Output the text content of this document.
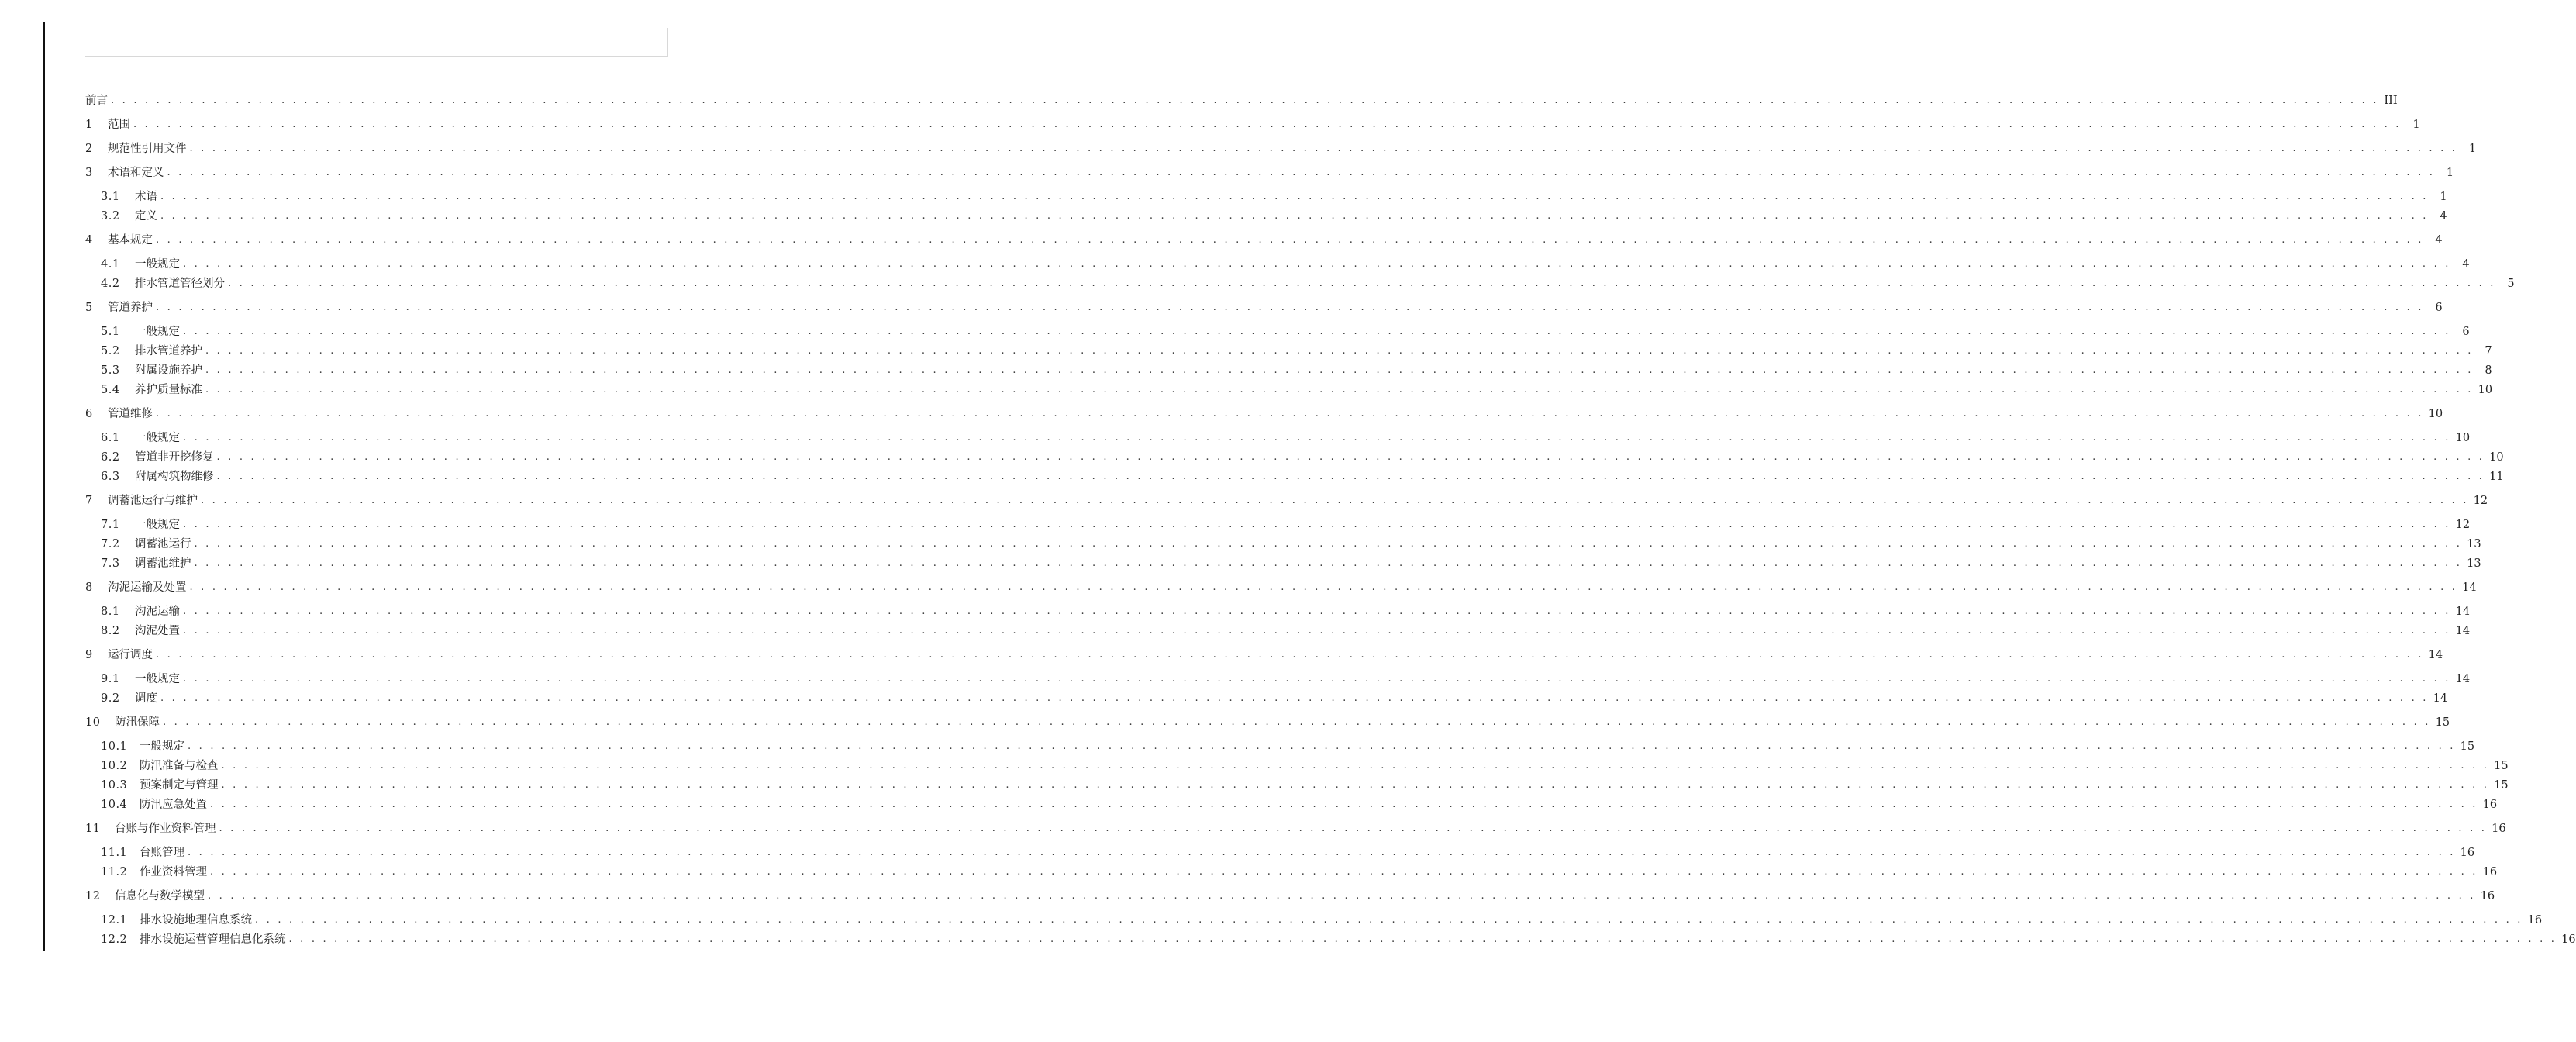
前言 . . . . . . . . . . . . . . . . . . . . . . . . . . . . . . . . . . . . . . . . . . . . . . . . . . . . . . . . . . . . . . . . . . . . . . . . . . . . . . . . . . . . . . . . . . . . . . . . . . . . . . . . . . . . . . . . . . . . . . . . . . . . . . . . . . . . . . . . . . . . . . . . . . . . . . . . . . . . . . . . . . . . . . . . . . . . . . . . . . . . . . . . . . . . . . . . . . . . . . . . III
1	范围 . . . . . . . . . . . . . . . . . . . . . . . . . . . . . . . . . . . . . . . . . . . . . . . . . . . . . . . . . . . . . . . . . . . . . . . . . . . . . . . . . . . . . . . . . . . . . . . . . . . . . . . . . . . . . . . . . . . . . . . . . . . . . . . . . . . . . . . . . . . . . . . . . . . . . . . . . . . . . . . . . . . . . . . . . . . . . . . . . . . . . . . . . . . . . . . . . . . . . . . .	1
2	规范性引用文件 . . . . . . . . . . . . . . . . . . . . . . . . . . . . . . . . . . . . . . . . . . . . . . . . . . . . . . . . . . . . . . . . . . . . . . . . . . . . . . . . . . . . . . . . . . . . . . . . . . . . . . . . . . . . . . . . . . . . . . . . . . . . . . . . . . . . . . . . . . . . . . . . . . . . . . . . . . . . . . . . . . . . . . . . . . . . . . . . . . . . . . . . . . . . . . . . . . . . . . . .	1
3	术语和定义 . . . . . . . . . . . . . . . . . . . . . . . . . . . . . . . . . . . . . . . . . . . . . . . . . . . . . . . . . . . . . . . . . . . . . . . . . . . . . . . . . . . . . . . . . . . . . . . . . . . . . . . . . . . . . . . . . . . . . . . . . . . . . . . . . . . . . . . . . . . . . . . . . . . . . . . . . . . . . . . . . . . . . . . . . . . . . . . . . . . . . . . . . . . . . . . . . . . . . . . .	1
3.1	术语 . . . . . . . . . . . . . . . . . . . . . . . . . . . . . . . . . . . . . . . . . . . . . . . . . . . . . . . . . . . . . . . . . . . . . . . . . . . . . . . . . . . . . . . . . . . . . . . . . . . . . . . . . . . . . . . . . . . . . . . . . . . . . . . . . . . . . . . . . . . . . . . . . . . . . . . . . . . . . . . . . . . . . . . . . . . . . . . . . . . . . . . . . . . . . . . . . . . . . . . .	1
3.2	定义 . . . . . . . . . . . . . . . . . . . . . . . . . . . . . . . . . . . . . . . . . . . . . . . . . . . . . . . . . . . . . . . . . . . . . . . . . . . . . . . . . . . . . . . . . . . . . . . . . . . . . . . . . . . . . . . . . . . . . . . . . . . . . . . . . . . . . . . . . . . . . . . . . . . . . . . . . . . . . . . . . . . . . . . . . . . . . . . . . . . . . . . . . . . . . . . . . . . . . . . .	4
4	基本规定 . . . . . . . . . . . . . . . . . . . . . . . . . . . . . . . . . . . . . . . . . . . . . . . . . . . . . . . . . . . . . . . . . . . . . . . . . . . . . . . . . . . . . . . . . . . . . . . . . . . . . . . . . . . . . . . . . . . . . . . . . . . . . . . . . . . . . . . . . . . . . . . . . . . . . . . . . . . . . . . . . . . . . . . . . . . . . . . . . . . . . . . . . . . . . . . . . . . . . . . .	4
4.1	一般规定 . . . . . . . . . . . . . . . . . . . . . . . . . . . . . . . . . . . . . . . . . . . . . . . . . . . . . . . . . . . . . . . . . . . . . . . . . . . . . . . . . . . . . . . . . . . . . . . . . . . . . . . . . . . . . . . . . . . . . . . . . . . . . . . . . . . . . . . . . . . . . . . . . . . . . . . . . . . . . . . . . . . . . . . . . . . . . . . . . . . . . . . . . . . . . . . . . . . . . . . .	4
4.2	排水管道管径划分 . . . . . . . . . . . . . . . . . . . . . . . . . . . . . . . . . . . . . . . . . . . . . . . . . . . . . . . . . . . . . . . . . . . . . . . . . . . . . . . . . . . . . . . . . . . . . . . . . . . . . . . . . . . . . . . . . . . . . . . . . . . . . . . . . . . . . . . . . . . . . . . . . . . . . . . . . . . . . . . . . . . . . . . . . . . . . . . . . . . . . . . . . . . . . . . . . . . . . . . .	5
5	管道养护 . . . . . . . . . . . . . . . . . . . . . . . . . . . . . . . . . . . . . . . . . . . . . . . . . . . . . . . . . . . . . . . . . . . . . . . . . . . . . . . . . . . . . . . . . . . . . . . . . . . . . . . . . . . . . . . . . . . . . . . . . . . . . . . . . . . . . . . . . . . . . . . . . . . . . . . . . . . . . . . . . . . . . . . . . . . . . . . . . . . . . . . . . . . . . . . . . . . . . . . .	6
5.1	一般规定 . . . . . . . . . . . . . . . . . . . . . . . . . . . . . . . . . . . . . . . . . . . . . . . . . . . . . . . . . . . . . . . . . . . . . . . . . . . . . . . . . . . . . . . . . . . . . . . . . . . . . . . . . . . . . . . . . . . . . . . . . . . . . . . . . . . . . . . . . . . . . . . . . . . . . . . . . . . . . . . . . . . . . . . . . . . . . . . . . . . . . . . . . . . . . . . . . . . . . . . .	6
5.2	排水管道养护 . . . . . . . . . . . . . . . . . . . . . . . . . . . . . . . . . . . . . . . . . . . . . . . . . . . . . . . . . . . . . . . . . . . . . . . . . . . . . . . . . . . . . . . . . . . . . . . . . . . . . . . . . . . . . . . . . . . . . . . . . . . . . . . . . . . . . . . . . . . . . . . . . . . . . . . . . . . . . . . . . . . . . . . . . . . . . . . . . . . . . . . . . . . . . . . . . . . . . . . .	7
5.3	附属设施养护 . . . . . . . . . . . . . . . . . . . . . . . . . . . . . . . . . . . . . . . . . . . . . . . . . . . . . . . . . . . . . . . . . . . . . . . . . . . . . . . . . . . . . . . . . . . . . . . . . . . . . . . . . . . . . . . . . . . . . . . . . . . . . . . . . . . . . . . . . . . . . . . . . . . . . . . . . . . . . . . . . . . . . . . . . . . . . . . . . . . . . . . . . . . . . . . . . . . . . . . .	8
5.4	养护质量标准 . . . . . . . . . . . . . . . . . . . . . . . . . . . . . . . . . . . . . . . . . . . . . . . . . . . . . . . . . . . . . . . . . . . . . . . . . . . . . . . . . . . . . . . . . . . . . . . . . . . . . . . . . . . . . . . . . . . . . . . . . . . . . . . . . . . . . . . . . . . . . . . . . . . . . . . . . . . . . . . . . . . . . . . . . . . . . . . . . . . . . . . . . . . . . . . . . . . . . . . . 10
6	管道维修 . . . . . . . . . . . . . . . . . . . . . . . . . . . . . . . . . . . . . . . . . . . . . . . . . . . . . . . . . . . . . . . . . . . . . . . . . . . . . . . . . . . . . . . . . . . . . . . . . . . . . . . . . . . . . . . . . . . . . . . . . . . . . . . . . . . . . . . . . . . . . . . . . . . . . . . . . . . . . . . . . . . . . . . . . . . . . . . . . . . . . . . . . . . . . . . . . . . . . . . . 10
6.1	一般规定 . . . . . . . . . . . . . . . . . . . . . . . . . . . . . . . . . . . . . . . . . . . . . . . . . . . . . . . . . . . . . . . . . . . . . . . . . . . . . . . . . . . . . . . . . . . . . . . . . . . . . . . . . . . . . . . . . . . . . . . . . . . . . . . . . . . . . . . . . . . . . . . . . . . . . . . . . . . . . . . . . . . . . . . . . . . . . . . . . . . . . . . . . . . . . . . . . . . . . . . . 10
6.2	管道非开挖修复 . . . . . . . . . . . . . . . . . . . . . . . . . . . . . . . . . . . . . . . . . . . . . . . . . . . . . . . . . . . . . . . . . . . . . . . . . . . . . . . . . . . . . . . . . . . . . . . . . . . . . . . . . . . . . . . . . . . . . . . . . . . . . . . . . . . . . . . . . . . . . . . . . . . . . . . . . . . . . . . . . . . . . . . . . . . . . . . . . . . . . . . . . . . . . . . . . . . . . . . . 10
6.3	附属构筑物维修 . . . . . . . . . . . . . . . . . . . . . . . . . . . . . . . . . . . . . . . . . . . . . . . . . . . . . . . . . . . . . . . . . . . . . . . . . . . . . . . . . . . . . . . . . . . . . . . . . . . . . . . . . . . . . . . . . . . . . . . . . . . . . . . . . . . . . . . . . . . . . . . . . . . . . . . . . . . . . . . . . . . . . . . . . . . . . . . . . . . . . . . . . . . . . . . . . . . . . . . . 11
7	调蓄池运行与维护 . . . . . . . . . . . . . . . . . . . . . . . . . . . . . . . . . . . . . . . . . . . . . . . . . . . . . . . . . . . . . . . . . . . . . . . . . . . . . . . . . . . . . . . . . . . . . . . . . . . . . . . . . . . . . . . . . . . . . . . . . . . . . . . . . . . . . . . . . . . . . . . . . . . . . . . . . . . . . . . . . . . . . . . . . . . . . . . . . . . . . . . . . . . . . . . . . . . . . . . . 12
7.1	一般规定 . . . . . . . . . . . . . . . . . . . . . . . . . . . . . . . . . . . . . . . . . . . . . . . . . . . . . . . . . . . . . . . . . . . . . . . . . . . . . . . . . . . . . . . . . . . . . . . . . . . . . . . . . . . . . . . . . . . . . . . . . . . . . . . . . . . . . . . . . . . . . . . . . . . . . . . . . . . . . . . . . . . . . . . . . . . . . . . . . . . . . . . . . . . . . . . . . . . . . . . . 12
7.2	调蓄池运行 . . . . . . . . . . . . . . . . . . . . . . . . . . . . . . . . . . . . . . . . . . . . . . . . . . . . . . . . . . . . . . . . . . . . . . . . . . . . . . . . . . . . . . . . . . . . . . . . . . . . . . . . . . . . . . . . . . . . . . . . . . . . . . . . . . . . . . . . . . . . . . . . . . . . . . . . . . . . . . . . . . . . . . . . . . . . . . . . . . . . . . . . . . . . . . . . . . . . . . . . 13
7.3	调蓄池维护 . . . . . . . . . . . . . . . . . . . . . . . . . . . . . . . . . . . . . . . . . . . . . . . . . . . . . . . . . . . . . . . . . . . . . . . . . . . . . . . . . . . . . . . . . . . . . . . . . . . . . . . . . . . . . . . . . . . . . . . . . . . . . . . . . . . . . . . . . . . . . . . . . . . . . . . . . . . . . . . . . . . . . . . . . . . . . . . . . . . . . . . . . . . . . . . . . . . . . . . . 13
8	沟泥运输及处置 . . . . . . . . . . . . . . . . . . . . . . . . . . . . . . . . . . . . . . . . . . . . . . . . . . . . . . . . . . . . . . . . . . . . . . . . . . . . . . . . . . . . . . . . . . . . . . . . . . . . . . . . . . . . . . . . . . . . . . . . . . . . . . . . . . . . . . . . . . . . . . . . . . . . . . . . . . . . . . . . . . . . . . . . . . . . . . . . . . . . . . . . . . . . . . . . . . . . . . . . 14
8.1	沟泥运输 . . . . . . . . . . . . . . . . . . . . . . . . . . . . . . . . . . . . . . . . . . . . . . . . . . . . . . . . . . . . . . . . . . . . . . . . . . . . . . . . . . . . . . . . . . . . . . . . . . . . . . . . . . . . . . . . . . . . . . . . . . . . . . . . . . . . . . . . . . . . . . . . . . . . . . . . . . . . . . . . . . . . . . . . . . . . . . . . . . . . . . . . . . . . . . . . . . . . . . . . 14
8.2	沟泥处置 . . . . . . . . . . . . . . . . . . . . . . . . . . . . . . . . . . . . . . . . . . . . . . . . . . . . . . . . . . . . . . . . . . . . . . . . . . . . . . . . . . . . . . . . . . . . . . . . . . . . . . . . . . . . . . . . . . . . . . . . . . . . . . . . . . . . . . . . . . . . . . . . . . . . . . . . . . . . . . . . . . . . . . . . . . . . . . . . . . . . . . . . . . . . . . . . . . . . . . . . 14
9	运行调度 . . . . . . . . . . . . . . . . . . . . . . . . . . . . . . . . . . . . . . . . . . . . . . . . . . . . . . . . . . . . . . . . . . . . . . . . . . . . . . . . . . . . . . . . . . . . . . . . . . . . . . . . . . . . . . . . . . . . . . . . . . . . . . . . . . . . . . . . . . . . . . . . . . . . . . . . . . . . . . . . . . . . . . . . . . . . . . . . . . . . . . . . . . . . . . . . . . . . . . . . 14
9.1	一般规定 . . . . . . . . . . . . . . . . . . . . . . . . . . . . . . . . . . . . . . . . . . . . . . . . . . . . . . . . . . . . . . . . . . . . . . . . . . . . . . . . . . . . . . . . . . . . . . . . . . . . . . . . . . . . . . . . . . . . . . . . . . . . . . . . . . . . . . . . . . . . . . . . . . . . . . . . . . . . . . . . . . . . . . . . . . . . . . . . . . . . . . . . . . . . . . . . . . . . . . . . 14
9.2	调度 . . . . . . . . . . . . . . . . . . . . . . . . . . . . . . . . . . . . . . . . . . . . . . . . . . . . . . . . . . . . . . . . . . . . . . . . . . . . . . . . . . . . . . . . . . . . . . . . . . . . . . . . . . . . . . . . . . . . . . . . . . . . . . . . . . . . . . . . . . . . . . . . . . . . . . . . . . . . . . . . . . . . . . . . . . . . . . . . . . . . . . . . . . . . . . . . . . . . . . . . 14
10	防汛保障 . . . . . . . . . . . . . . . . . . . . . . . . . . . . . . . . . . . . . . . . . . . . . . . . . . . . . . . . . . . . . . . . . . . . . . . . . . . . . . . . . . . . . . . . . . . . . . . . . . . . . . . . . . . . . . . . . . . . . . . . . . . . . . . . . . . . . . . . . . . . . . . . . . . . . . . . . . . . . . . . . . . . . . . . . . . . . . . . . . . . . . . . . . . . . . . . . . . . . . . . 15
10.1	一般规定 . . . . . . . . . . . . . . . . . . . . . . . . . . . . . . . . . . . . . . . . . . . . . . . . . . . . . . . . . . . . . . . . . . . . . . . . . . . . . . . . . . . . . . . . . . . . . . . . . . . . . . . . . . . . . . . . . . . . . . . . . . . . . . . . . . . . . . . . . . . . . . . . . . . . . . . . . . . . . . . . . . . . . . . . . . . . . . . . . . . . . . . . . . . . . . . . . . . . . . . . 15
10.2	防汛准备与检查 . . . . . . . . . . . . . . . . . . . . . . . . . . . . . . . . . . . . . . . . . . . . . . . . . . . . . . . . . . . . . . . . . . . . . . . . . . . . . . . . . . . . . . . . . . . . . . . . . . . . . . . . . . . . . . . . . . . . . . . . . . . . . . . . . . . . . . . . . . . . . . . . . . . . . . . . . . . . . . . . . . . . . . . . . . . . . . . . . . . . . . . . . . . . . . . . . . . . . . . . 15
10.3	预案制定与管理 . . . . . . . . . . . . . . . . . . . . . . . . . . . . . . . . . . . . . . . . . . . . . . . . . . . . . . . . . . . . . . . . . . . . . . . . . . . . . . . . . . . . . . . . . . . . . . . . . . . . . . . . . . . . . . . . . . . . . . . . . . . . . . . . . . . . . . . . . . . . . . . . . . . . . . . . . . . . . . . . . . . . . . . . . . . . . . . . . . . . . . . . . . . . . . . . . . . . . . . . 15
10.4	防汛应急处置 . . . . . . . . . . . . . . . . . . . . . . . . . . . . . . . . . . . . . . . . . . . . . . . . . . . . . . . . . . . . . . . . . . . . . . . . . . . . . . . . . . . . . . . . . . . . . . . . . . . . . . . . . . . . . . . . . . . . . . . . . . . . . . . . . . . . . . . . . . . . . . . . . . . . . . . . . . . . . . . . . . . . . . . . . . . . . . . . . . . . . . . . . . . . . . . . . . . . . . . . 16
11	台账与作业资料管理 . . . . . . . . . . . . . . . . . . . . . . . . . . . . . . . . . . . . . . . . . . . . . . . . . . . . . . . . . . . . . . . . . . . . . . . . . . . . . . . . . . . . . . . . . . . . . . . . . . . . . . . . . . . . . . . . . . . . . . . . . . . . . . . . . . . . . . . . . . . . . . . . . . . . . . . . . . . . . . . . . . . . . . . . . . . . . . . . . . . . . . . . . . . . . . . . . . . . . . . . 16
11.1	台账管理 . . . . . . . . . . . . . . . . . . . . . . . . . . . . . . . . . . . . . . . . . . . . . . . . . . . . . . . . . . . . . . . . . . . . . . . . . . . . . . . . . . . . . . . . . . . . . . . . . . . . . . . . . . . . . . . . . . . . . . . . . . . . . . . . . . . . . . . . . . . . . . . . . . . . . . . . . . . . . . . . . . . . . . . . . . . . . . . . . . . . . . . . . . . . . . . . . . . . . . . . 16
11.2	作业资料管理 . . . . . . . . . . . . . . . . . . . . . . . . . . . . . . . . . . . . . . . . . . . . . . . . . . . . . . . . . . . . . . . . . . . . . . . . . . . . . . . . . . . . . . . . . . . . . . . . . . . . . . . . . . . . . . . . . . . . . . . . . . . . . . . . . . . . . . . . . . . . . . . . . . . . . . . . . . . . . . . . . . . . . . . . . . . . . . . . . . . . . . . . . . . . . . . . . . . . . . . . 16
12	信息化与数学模型 . . . . . . . . . . . . . . . . . . . . . . . . . . . . . . . . . . . . . . . . . . . . . . . . . . . . . . . . . . . . . . . . . . . . . . . . . . . . . . . . . . . . . . . . . . . . . . . . . . . . . . . . . . . . . . . . . . . . . . . . . . . . . . . . . . . . . . . . . . . . . . . . . . . . . . . . . . . . . . . . . . . . . . . . . . . . . . . . . . . . . . . . . . . . . . . . . . . . . . . . 16
12.1	排水设施地理信息系统 . . . . . . . . . . . . . . . . . . . . . . . . . . . . . . . . . . . . . . . . . . . . . . . . . . . . . . . . . . . . . . . . . . . . . . . . . . . . . . . . . . . . . . . . . . . . . . . . . . . . . . . . . . . . . . . . . . . . . . . . . . . . . . . . . . . . . . . . . . . . . . . . . . . . . . . . . . . . . . . . . . . . . . . . . . . . . . . . . . . . . . . . . . . . . . . . . . . . . . . . 16
12.2	排水设施运营管理信息化系统 . . . . . . . . . . . . . . . . . . . . . . . . . . . . . . . . . . . . . . . . . . . . . . . . . . . . . . . . . . . . . . . . . . . . . . . . . . . . . . . . . . . . . . . . . . . . . . . . . . . . . . . . . . . . . . . . . . . . . . . . . . . . . . . . . . . . . . . . . . . . . . . . . . . . . . . . . . . . . . . . . . . . . . . . . . . . . . . . . . . . . . . . . . . . . . . . . . . . . . . . 16
